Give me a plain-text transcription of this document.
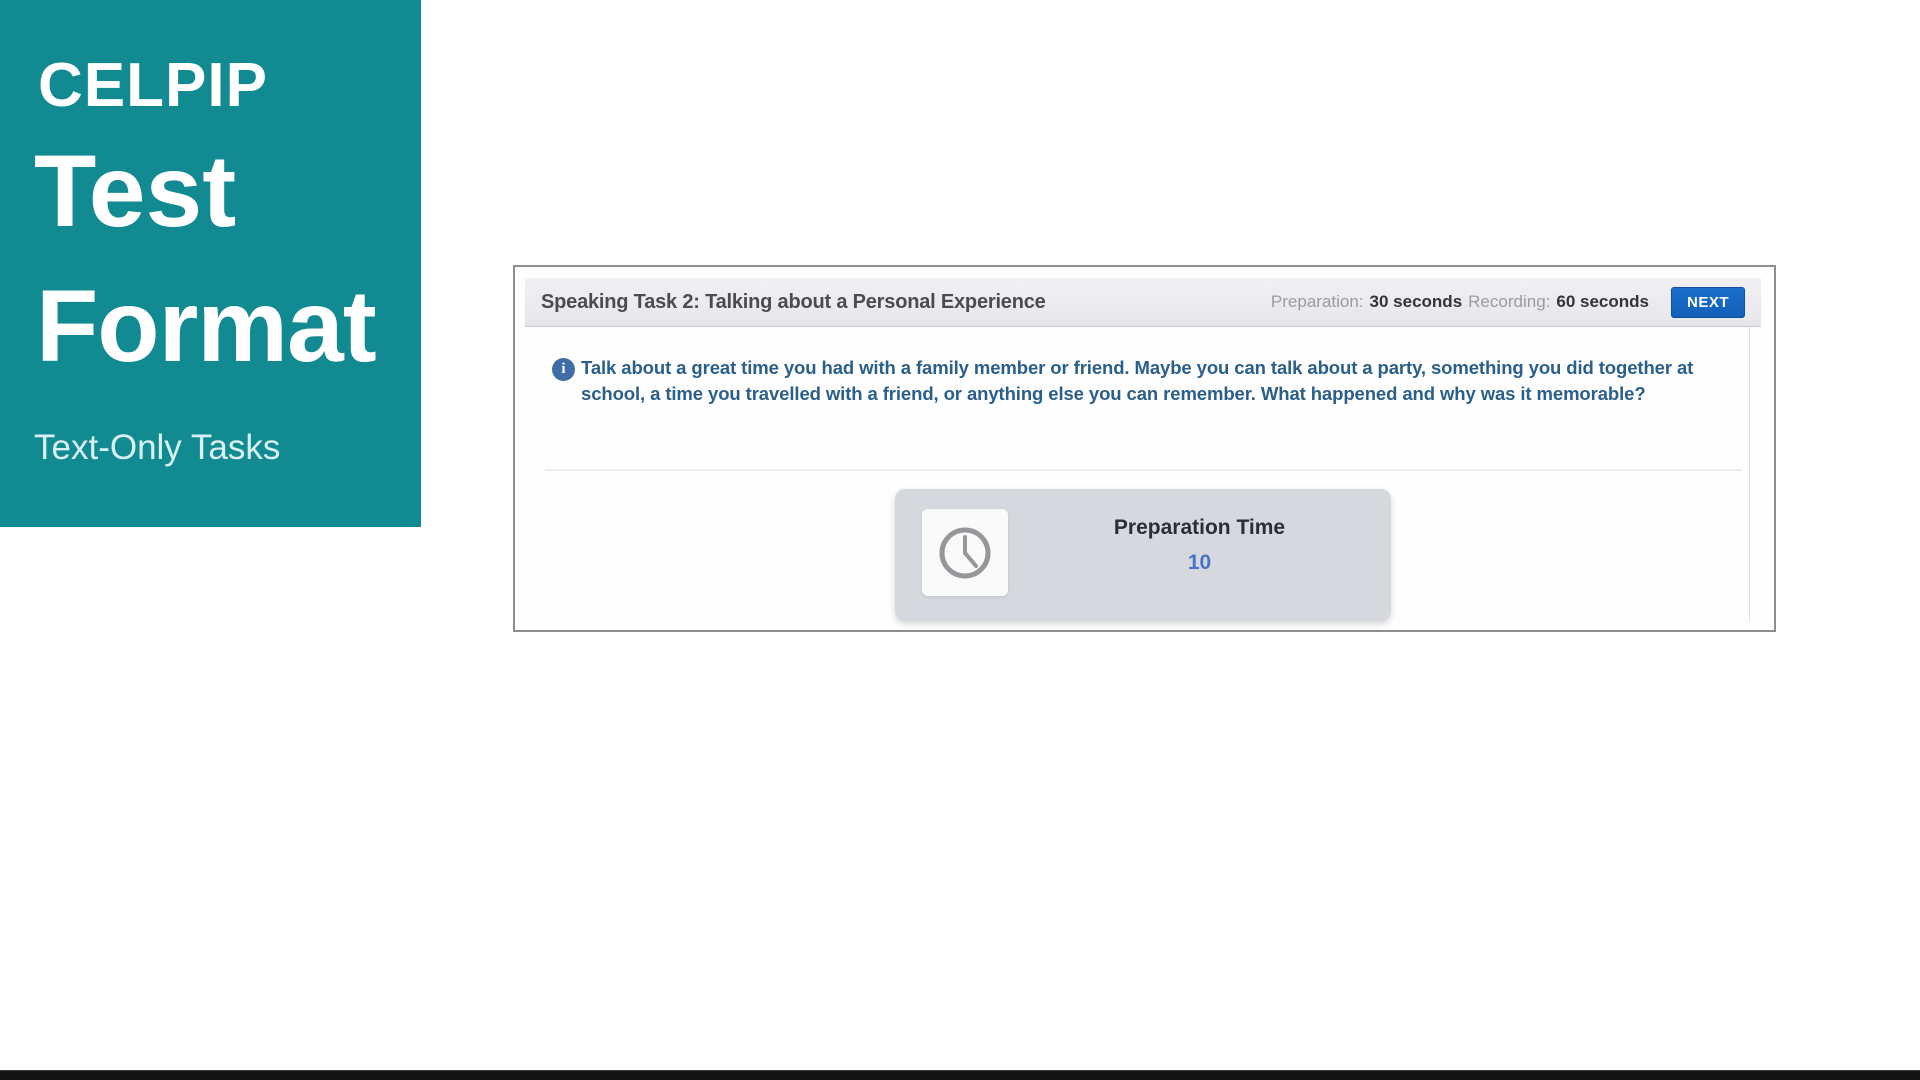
CELPIP
Test
Format
Text-Only Tasks
Speaking Task 2: Talking about a Personal Experience	Preparation: 30 seconds Recording: 60 seconds	NEXT
i Talk about a great time you had with a family member or friend. Maybe you can talk about a party, something you did together at school, a time you travelled with a friend, or anything else you can remember. What happened and why was it memorable?
Preparation Time
10
